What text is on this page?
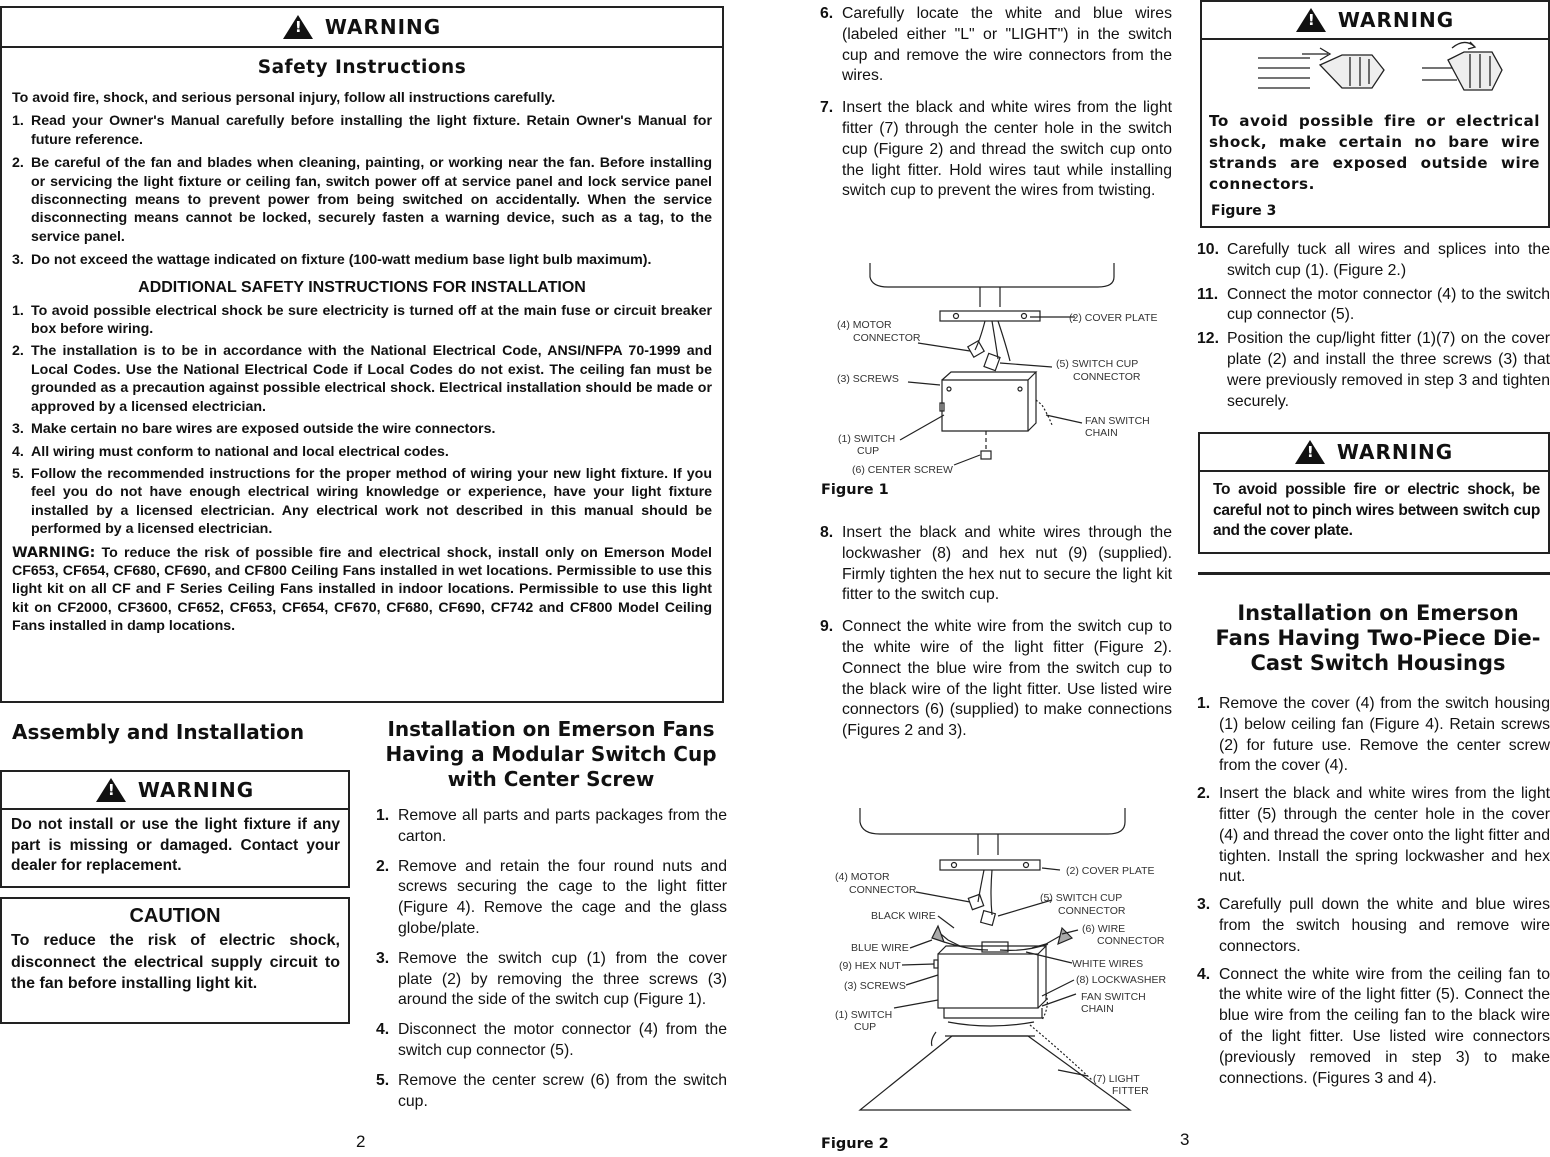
! WARNING
Safety Instructions
To avoid fire, shock, and serious personal injury, follow all instructions carefully.
1. Read your Owner's Manual carefully before installing the light fixture. Retain Owner's Manual for future reference.
2. Be careful of the fan and blades when cleaning, painting, or working near the fan. Before installing or servicing the light fixture or ceiling fan, switch power off at service panel and lock service panel disconnecting means to prevent power from being switched on accidentally. When the service disconnecting means cannot be locked, securely fasten a warning device, such as a tag, to the service panel.
3. Do not exceed the wattage indicated on fixture (100-watt medium base light bulb maximum).
ADDITIONAL SAFETY INSTRUCTIONS FOR INSTALLATION
1. To avoid possible electrical shock be sure electricity is turned off at the main fuse or circuit breaker box before wiring.
2. The installation is to be in accordance with the National Electrical Code, ANSI/NFPA 70-1999 and Local Codes. Use the National Electrical Code if Local Codes do not exist. The ceiling fan must be grounded as a precaution against possible electrical shock. Electrical installation should be made or approved by a licensed electrician.
3. Make certain no bare wires are exposed outside the wire connectors.
4. All wiring must conform to national and local electrical codes.
5. Follow the recommended instructions for the proper method of wiring your new light fixture. If you feel you do not have enough electrical wiring knowledge or experience, have your light fixture installed by a licensed electrician. Any electrical work not described in this manual should be performed by a licensed electrician.
WARNING: To reduce the risk of possible fire and electrical shock, install only on Emerson Model CF653, CF654, CF680, CF690, and CF800 Ceiling Fans installed in wet locations. Permissible to use this light kit on all CF and F Series Ceiling Fans installed in indoor locations. Permissible to use this light kit on CF2000, CF3600, CF652, CF653, CF654, CF670, CF680, CF690, CF742 and CF800 Model Ceiling Fans installed in damp locations.
Assembly and Installation
! WARNING
Do not install or use the light fixture if any part is missing or damaged. Contact your dealer for replacement.
CAUTION
To reduce the risk of electric shock, disconnect the electrical supply circuit to the fan before installing light kit.
Installation on Emerson Fans Having a Modular Switch Cup with Center Screw
1. Remove all parts and parts packages from the carton.
2. Remove and retain the four round nuts and screws securing the cage to the light fitter (Figure 4). Remove the cage and the glass globe/plate.
3. Remove the switch cup (1) from the cover plate (2) by removing the three screws (3) around the side of the switch cup (Figure 1).
4. Disconnect the motor connector (4) from the switch cup connector (5).
5. Remove the center screw (6) from the switch cup.
2
6. Carefully locate the white and blue wires (labeled either "L" or "LIGHT") in the switch cup and remove the wire connectors from the wires.
7. Insert the black and white wires from the light fitter (7) through the center hole in the switch cup (Figure 2) and thread the switch cup onto the light fitter. Hold wires taut while installing switch cup to prevent the wires from twisting.
(4) MOTOR CONNECTOR
(2) COVER PLATE
(5) SWITCH CUP CONNECTOR
(3) SCREWS
FAN SWITCH CHAIN
(1) SWITCH CUP
(6) CENTER SCREW
Figure 1
8. Insert the black and white wires through the lockwasher (8) and hex nut (9) (supplied). Firmly tighten the hex nut to secure the light kit fitter to the switch cup.
9. Connect the white wire from the switch cup to the white wire of the light fitter (Figure 2). Connect the blue wire from the switch cup to the black wire of the light fitter. Use listed wire connectors (6) (supplied) to make connections (Figures 2 and 3).
(4) MOTOR CONNECTOR
(2) COVER PLATE
(5) SWITCH CUP CONNECTOR
BLACK WIRE
(6) WIRE CONNECTOR
BLUE WIRE
WHITE WIRES
(9) HEX NUT
(8) LOCKWASHER
(3) SCREWS
FAN SWITCH CHAIN
(1) SWITCH CUP
(7) LIGHT FITTER
Figure 2	3
! WARNING
To avoid possible fire or electrical shock, make certain no bare wire strands are exposed outside wire connectors.
Figure 3
10. Carefully tuck all wires and splices into the switch cup (1). (Figure 2.)
11. Connect the motor connector (4) to the switch cup connector (5).
12. Position the cup/light fitter (1)(7) on the cover plate (2) and install the three screws (3) that were previously removed in step 3 and tighten securely.
! WARNING
To avoid possible fire or electric shock, be careful not to pinch wires between switch cup and the cover plate.
Installation on Emerson Fans Having Two-Piece Die-Cast Switch Housings
1. Remove the cover (4) from the switch housing (1) below ceiling fan (Figure 4). Retain screws (2) for future use. Remove the center screw from the cover (4).
2. Insert the black and white wires from the light fitter (5) through the center hole in the cover (4) and thread the cover onto the light fitter and tighten. Install the spring lockwasher and hex nut.
3. Carefully pull down the white and blue wires from the switch housing and remove wire connectors.
4. Connect the white wire from the ceiling fan to the white wire of the light fitter (5). Connect the blue wire from the ceiling fan to the black wire of the light fitter. Use listed wire connectors (previously removed in step 3) to make connections. (Figures 3 and 4).
